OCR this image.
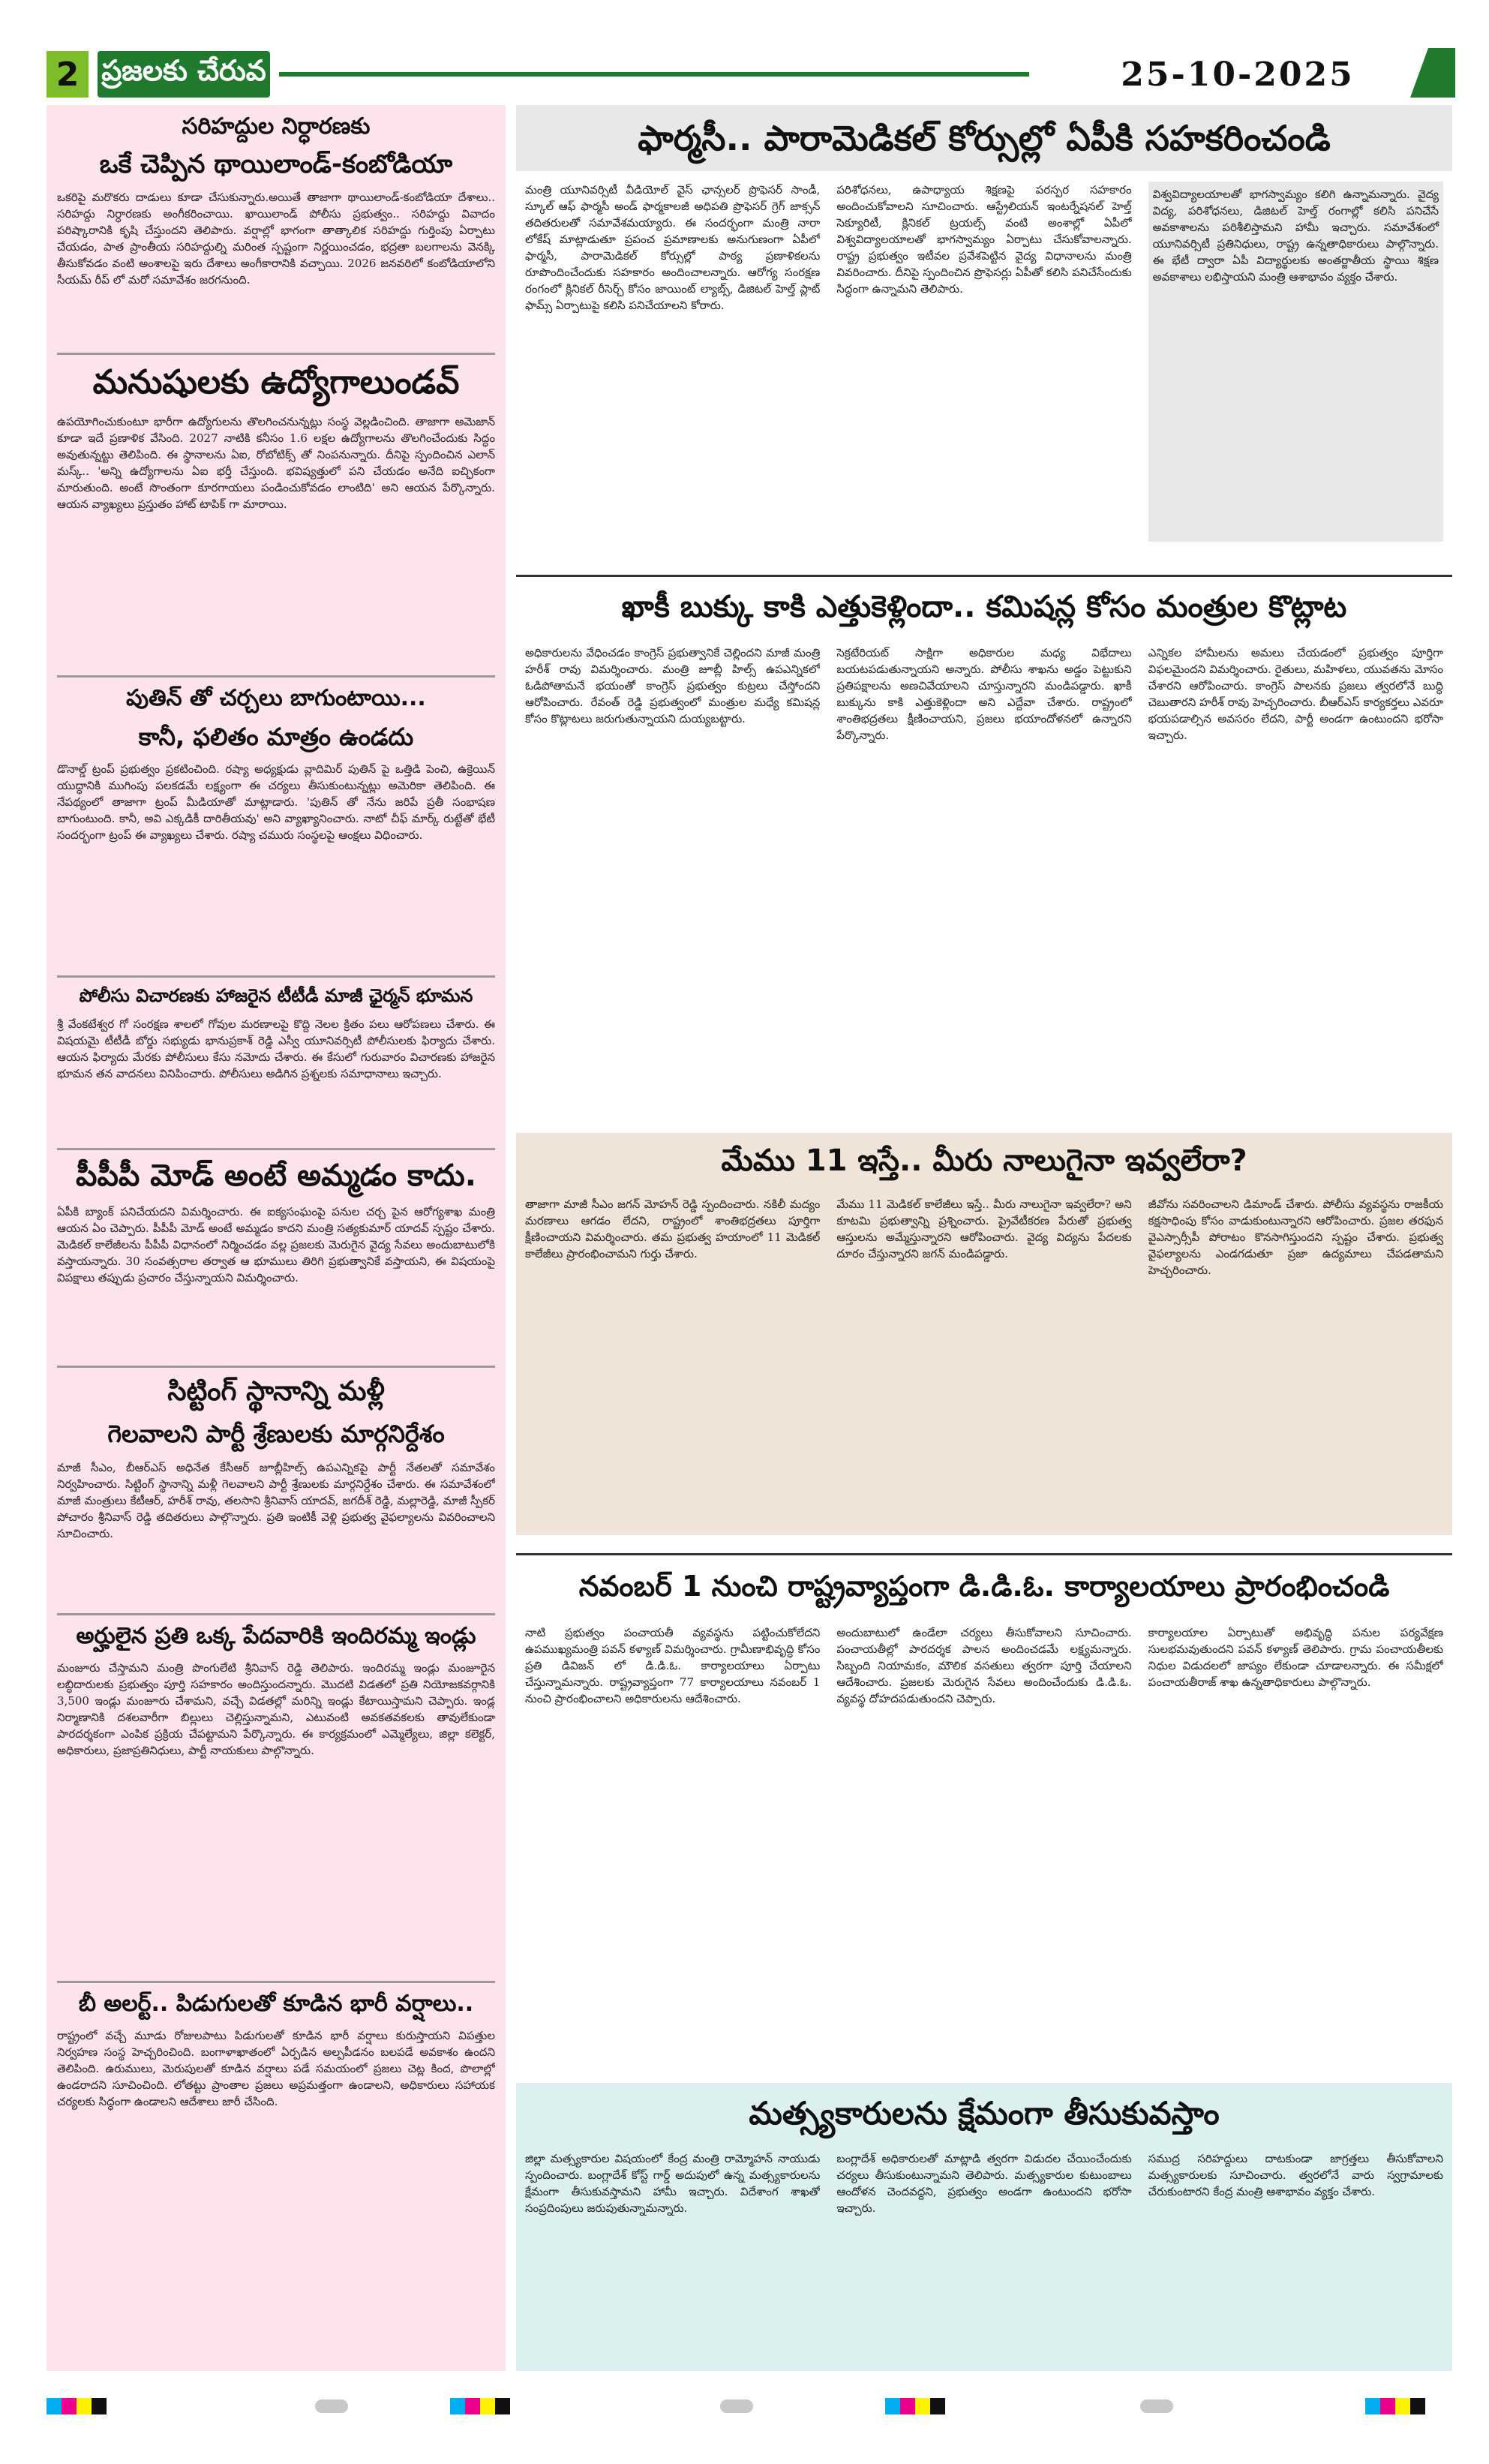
2 ప్రజలకు చేరువ	25-10-2025
సరిహద్దుల నిర్ధారణకు
ఒకే చెప్పిన థాయిలాండ్-కంబోడియా
ఒకరిపై మరొకరు దాడులు కూడా చేసుకున్నారు.అయితే తాజాగా థాయిలాండ్-కంబోడియా దేశాలు.. సరిహద్దు నిర్ధారణకు అంగీకరించాయి. ఖాయిలాండ్ పోలీసు ప్రభుత్వం.. సరిహద్దు వివాదం పరిష్కారానికి కృషి చేస్తుందని తెలిపారు. వర్షాల్లో భాగంగా తాత్కాలిక సరిహద్దు గుర్తింపు ఏర్పాటు చేయడం, పాత ప్రాంతీయ సరిహద్దుల్ని మరింత స్పష్టంగా నిర్ణయించడం, భద్రతా బలగాలను వెనక్కి తీసుకోవడం వంటి అంశాలపై ఇరు దేశాలు అంగీకారానికి వచ్చాయి. 2026 జనవరిలో కంబోడియాలోని సీయమ్ రీప్ లో మరో సమావేశం జరగనుంది.
మనుషులకు ఉద్యోగాలుండవ్
ఉపయోగించుకుంటూ భారీగా ఉద్యోగులను తొలగించనున్నట్లు సంస్థ వెల్లడించింది. తాజాగా అమెజాన్ కూడా ఇదే ప్రణాళిక వేసింది. 2027 నాటికి కనీసం 1.6 లక్షల ఉద్యోగాలను తొలగించేందుకు సిద్ధం అవుతున్నట్టు తెలిపింది. ఈ స్థానాలను ఏఐ, రోబోటిక్స్ తో నింపనున్నారు. దీనిపై స్పందించిన ఎలాన్ మస్క్.. 'అన్ని ఉద్యోగాలను ఏఐ భర్తీ చేస్తుంది. భవిష్యత్తులో పని చేయడం అనేది ఐచ్ఛికంగా మారుతుంది. అంటే సొంతంగా కూరగాయలు పండించుకోవడం లాంటిది' అని ఆయన పేర్కొన్నారు. ఆయన వ్యాఖ్యలు ప్రస్తుతం హాట్ టాపిక్ గా మారాయి.
పుతిన్ తో చర్చలు బాగుంటాయి...
కానీ, ఫలితం మాత్రం ఉండదు
డొనాల్డ్ ట్రంప్ ప్రభుత్వం ప్రకటించింది. రష్యా అధ్యక్షుడు వ్లాదిమిర్ పుతిన్ పై ఒత్తిడి పెంచి, ఉక్రెయిన్ యుద్ధానికి ముగింపు పలకడమే లక్ష్యంగా ఈ చర్యలు తీసుకుంటున్నట్లు అమెరికా తెలిపింది. ఈ నేపథ్యంలో తాజాగా ట్రంప్ మీడియాతో మాట్లాడారు. 'పుతిన్ తో నేను జరిపే ప్రతీ సంభాషణ బాగుంటుంది. కానీ, అవి ఎక్కడికీ దారితీయవు' అని వ్యాఖ్యానించారు. నాటో చీఫ్ మార్క్ రుట్టేతో భేటీ సందర్భంగా ట్రంప్ ఈ వ్యాఖ్యలు చేశారు. రష్యా చమురు సంస్థలపై ఆంక్షలు విధించారు.
పోలీసు విచారణకు హాజరైన టీటీడీ మాజీ ఛైర్మన్ భూమన
శ్రీ వేంకటేశ్వర గో సంరక్షణ శాలలో గోవుల మరణాలపై కొద్ది నెలల క్రితం పలు ఆరోపణలు చేశారు. ఈ విషయమై టీటీడీ బోర్డు సభ్యుడు భానుప్రకాశ్ రెడ్డి ఎస్వీ యూనివర్సిటీ పోలీసులకు ఫిర్యాదు చేశారు. ఆయన ఫిర్యాదు మేరకు పోలీసులు కేసు నమోదు చేశారు. ఈ కేసులో గురువారం విచారణకు హాజరైన భూమన తన వాదనలు వినిపించారు. పోలీసులు అడిగిన ప్రశ్నలకు సమాధానాలు ఇచ్చారు.
పీపీపీ మోడ్ అంటే అమ్మడం కాదు.
ఏపీకి బ్యాంక్ పనిచేయదని విమర్శించారు. ఈ ఐక్యసంఘంపై పనుల చర్చ పైన ఆరోగ్యశాఖ మంత్రి ఆయన ఏం చెప్పారు. పీపీపీ మోడ్ అంటే అమ్మడం కాదని మంత్రి సత్యకుమార్ యాదవ్ స్పష్టం చేశారు. మెడికల్ కాలేజీలను పీపీపీ విధానంలో నిర్మించడం వల్ల ప్రజలకు మెరుగైన వైద్య సేవలు అందుబాటులోకి వస్తాయన్నారు. 30 సంవత్సరాల తర్వాత ఆ భూములు తిరిగి ప్రభుత్వానికే వస్తాయని, ఈ విషయంపై విపక్షాలు తప్పుడు ప్రచారం చేస్తున్నాయని విమర్శించారు.
సిట్టింగ్ స్థానాన్ని మళ్లీ
గెలవాలని పార్టీ శ్రేణులకు మార్గనిర్దేశం
మాజీ సీఎం, బీఆర్ఎస్ అధినేత కేసీఆర్ జూబ్లీహిల్స్ ఉపఎన్నికపై పార్టీ నేతలతో సమావేశం నిర్వహించారు. సిట్టింగ్ స్థానాన్ని మళ్లీ గెలవాలని పార్టీ శ్రేణులకు మార్గనిర్దేశం చేశారు. ఈ సమావేశంలో మాజీ మంత్రులు కేటీఆర్, హరీశ్ రావు, తలసాని శ్రీనివాస్ యాదవ్, జగదీశ్ రెడ్డి, మల్లారెడ్డి, మాజీ స్పీకర్ పోచారం శ్రీనివాస్ రెడ్డి తదితరులు పాల్గొన్నారు. ప్రతి ఇంటికీ వెళ్లి ప్రభుత్వ వైఫల్యాలను వివరించాలని సూచించారు.
అర్హులైన ప్రతి ఒక్క పేదవారికి ఇందిరమ్మ ఇండ్లు
మంజూరు చేస్తామని మంత్రి పొంగులేటి శ్రీనివాస్ రెడ్డి తెలిపారు. ఇందిరమ్మ ఇండ్లు మంజూరైన లబ్ధిదారులకు ప్రభుత్వం పూర్తి సహకారం అందిస్తుందన్నారు. మొదటి విడతలో ప్రతి నియోజకవర్గానికి 3,500 ఇండ్లు మంజూరు చేశామని, వచ్చే విడతల్లో మరిన్ని ఇండ్లు కేటాయిస్తామని చెప్పారు. ఇండ్ల నిర్మాణానికి దశలవారీగా బిల్లులు చెల్లిస్తున్నామని, ఎటువంటి అవకతవకలకు తావులేకుండా పారదర్శకంగా ఎంపిక ప్రక్రియ చేపట్టామని పేర్కొన్నారు. ఈ కార్యక్రమంలో ఎమ్మెల్యేలు, జిల్లా కలెక్టర్, అధికారులు, ప్రజాప్రతినిధులు, పార్టీ నాయకులు పాల్గొన్నారు.
బీ అలర్ట్.. పిడుగులతో కూడిన భారీ వర్షాలు..
రాష్ట్రంలో వచ్చే మూడు రోజులపాటు పిడుగులతో కూడిన భారీ వర్షాలు కురుస్తాయని విపత్తుల నిర్వహణ సంస్థ హెచ్చరించింది. బంగాళాఖాతంలో ఏర్పడిన అల్పపీడనం బలపడే అవకాశం ఉందని తెలిపింది. ఉరుములు, మెరుపులతో కూడిన వర్షాలు పడే సమయంలో ప్రజలు చెట్ల కింద, పొలాల్లో ఉండరాదని సూచించింది. లోతట్టు ప్రాంతాల ప్రజలు అప్రమత్తంగా ఉండాలని, అధికారులు సహాయక చర్యలకు సిద్ధంగా ఉండాలని ఆదేశాలు జారీ చేసింది.
ఫార్మసీ.. పారామెడికల్ కోర్సుల్లో ఏపీకి సహకరించండి
మంత్రి యూనివర్సిటీ వీడియోల్ వైస్ ఛాన్సలర్ ప్రొఫెసర్ సాండీ, స్కూల్ ఆఫ్ ఫార్మసీ అండ్ ఫార్మకాలజీ అధిపతి ప్రొఫెసర్ గ్రెగ్ జాక్సన్ తదితరులతో సమావేశమయ్యారు. ఈ సందర్భంగా మంత్రి నారా లోకేష్ మాట్లాడుతూ ప్రపంచ ప్రమాణాలకు అనుగుణంగా ఏపీలో ఫార్మసీ, పారామెడికల్ కోర్సుల్లో పాఠ్య ప్రణాళికలను రూపొందించేందుకు సహకారం అందించాలన్నారు. ఆరోగ్య సంరక్షణ రంగంలో క్లినికల్ రీసెర్చ్ కోసం జాయింట్ ల్యాబ్స్, డిజిటల్ హెల్త్ ప్లాట్ ఫామ్స్ ఏర్పాటుపై కలిసి పనిచేయాలని కోరారు.
పరిశోధనలు, ఉపాధ్యాయ శిక్షణపై పరస్పర సహకారం అందించుకోవాలని సూచించారు. ఆస్ట్రేలియన్ ఇంటర్నేషనల్ హెల్త్ సెక్యూరిటీ, క్లినికల్ ట్రయల్స్ వంటి అంశాల్లో ఏపీలో విశ్వవిద్యాలయాలతో భాగస్వామ్యం ఏర్పాటు చేసుకోవాలన్నారు. రాష్ట్ర ప్రభుత్వం ఇటీవల ప్రవేశపెట్టిన వైద్య విధానాలను మంత్రి వివరించారు. దీనిపై స్పందించిన ప్రొఫెసర్లు ఏపీతో కలిసి పనిచేసేందుకు సిద్ధంగా ఉన్నామని తెలిపారు.
విశ్వవిద్యాలయాలతో భాగస్వామ్యం కలిగి ఉన్నామన్నారు. వైద్య విద్య, పరిశోధనలు, డిజిటల్ హెల్త్ రంగాల్లో కలిసి పనిచేసే అవకాశాలను పరిశీలిస్తామని హామీ ఇచ్చారు. సమావేశంలో యూనివర్సిటీ ప్రతినిధులు, రాష్ట్ర ఉన్నతాధికారులు పాల్గొన్నారు. ఈ భేటీ ద్వారా ఏపీ విద్యార్థులకు అంతర్జాతీయ స్థాయి శిక్షణ అవకాశాలు లభిస్తాయని మంత్రి ఆశాభావం వ్యక్తం చేశారు.
ఖాకీ బుక్కు కాకి ఎత్తుకెళ్లిందా.. కమిషన్ల కోసం మంత్రుల కొట్లాట
అధికారులను వేధించడం కాంగ్రెస్ ప్రభుత్వానికే చెల్లిందని మాజీ మంత్రి హరీశ్ రావు విమర్శించారు. మంత్రి జూబ్లీ హిల్స్ ఉపఎన్నికలో ఓడిపోతామనే భయంతో కాంగ్రెస్ ప్రభుత్వం కుట్రలు చేస్తోందని ఆరోపించారు. రేవంత్ రెడ్డి ప్రభుత్వంలో మంత్రుల మధ్యే కమిషన్ల కోసం కొట్లాటలు జరుగుతున్నాయని దుయ్యబట్టారు.
సెక్రటేరియట్ సాక్షిగా అధికారుల మధ్య విభేదాలు బయటపడుతున్నాయని అన్నారు. పోలీసు శాఖను అడ్డం పెట్టుకుని ప్రతిపక్షాలను అణచివేయాలని చూస్తున్నారని మండిపడ్డారు. ఖాకీ బుక్కును కాకి ఎత్తుకెళ్లిందా అని ఎద్దేవా చేశారు. రాష్ట్రంలో శాంతిభద్రతలు క్షీణించాయని, ప్రజలు భయాందోళనలో ఉన్నారని పేర్కొన్నారు.
ఎన్నికల హామీలను అమలు చేయడంలో ప్రభుత్వం పూర్తిగా విఫలమైందని విమర్శించారు. రైతులు, మహిళలు, యువతను మోసం చేశారని ఆరోపించారు. కాంగ్రెస్ పాలనకు ప్రజలు త్వరలోనే బుద్ధి చెబుతారని హరీశ్ రావు హెచ్చరించారు. బీఆర్ఎస్ కార్యకర్తలు ఎవరూ భయపడాల్సిన అవసరం లేదని, పార్టీ అండగా ఉంటుందని భరోసా ఇచ్చారు.
మేము 11 ఇస్తే.. మీరు నాలుగైనా ఇవ్వలేరా?
తాజాగా మాజీ సీఎం జగన్ మోహన్ రెడ్డి స్పందించారు. నకిలీ మద్యం మరణాలు ఆగడం లేదని, రాష్ట్రంలో శాంతిభద్రతలు పూర్తిగా క్షీణించాయని విమర్శించారు. తమ ప్రభుత్వ హయాంలో 11 మెడికల్ కాలేజీలు ప్రారంభించామని గుర్తు చేశారు.
మేము 11 మెడికల్ కాలేజీలు ఇస్తే.. మీరు నాలుగైనా ఇవ్వలేరా? అని కూటమి ప్రభుత్వాన్ని ప్రశ్నించారు. ప్రైవేటీకరణ పేరుతో ప్రభుత్వ ఆస్తులను అమ్మేస్తున్నారని ఆరోపించారు. వైద్య విద్యను పేదలకు దూరం చేస్తున్నారని జగన్ మండిపడ్డారు.
జీవోను సవరించాలని డిమాండ్ చేశారు. పోలీసు వ్యవస్థను రాజకీయ కక్షసాధింపు కోసం వాడుకుంటున్నారని ఆరోపించారు. ప్రజల తరఫున వైఎస్సార్సీపీ పోరాటం కొనసాగిస్తుందని స్పష్టం చేశారు. ప్రభుత్వ వైఫల్యాలను ఎండగడుతూ ప్రజా ఉద్యమాలు చేపడతామని హెచ్చరించారు.
నవంబర్ 1 నుంచి రాష్ట్రవ్యాప్తంగా డి.డి.ఓ. కార్యాలయాలు ప్రారంభించండి
నాటి ప్రభుత్వం పంచాయతీ వ్యవస్థను పట్టించుకోలేదని ఉపముఖ్యమంత్రి పవన్ కళ్యాణ్ విమర్శించారు. గ్రామీణాభివృద్ధి కోసం ప్రతి డివిజన్ లో డి.డి.ఓ. కార్యాలయాలు ఏర్పాటు చేస్తున్నామన్నారు. రాష్ట్రవ్యాప్తంగా 77 కార్యాలయాలు నవంబర్ 1 నుంచి ప్రారంభించాలని అధికారులను ఆదేశించారు.
అందుబాటులో ఉండేలా చర్యలు తీసుకోవాలని సూచించారు. పంచాయతీల్లో పారదర్శక పాలన అందించడమే లక్ష్యమన్నారు. సిబ్బంది నియామకం, మౌలిక వసతులు త్వరగా పూర్తి చేయాలని ఆదేశించారు. ప్రజలకు మెరుగైన సేవలు అందించేందుకు డి.డి.ఓ. వ్యవస్థ దోహదపడుతుందని చెప్పారు.
కార్యాలయాల ఏర్పాటుతో అభివృద్ధి పనుల పర్యవేక్షణ సులభమవుతుందని పవన్ కళ్యాణ్ తెలిపారు. గ్రామ పంచాయతీలకు నిధుల విడుదలలో జాప్యం లేకుండా చూడాలన్నారు. ఈ సమీక్షలో పంచాయతీరాజ్ శాఖ ఉన్నతాధికారులు పాల్గొన్నారు.
మత్స్యకారులను క్షేమంగా తీసుకువస్తాం
జిల్లా మత్స్యకారుల విషయంలో కేంద్ర మంత్రి రామ్మోహన్ నాయుడు స్పందించారు. బంగ్లాదేశ్ కోస్ట్ గార్డ్ అదుపులో ఉన్న మత్స్యకారులను క్షేమంగా తీసుకువస్తామని హామీ ఇచ్చారు. విదేశాంగ శాఖతో సంప్రదింపులు జరుపుతున్నామన్నారు.
బంగ్లాదేశ్ అధికారులతో మాట్లాడి త్వరగా విడుదల చేయించేందుకు చర్యలు తీసుకుంటున్నామని తెలిపారు. మత్స్యకారుల కుటుంబాలు ఆందోళన చెందవద్దని, ప్రభుత్వం అండగా ఉంటుందని భరోసా ఇచ్చారు.
సముద్ర సరిహద్దులు దాటకుండా జాగ్రత్తలు తీసుకోవాలని మత్స్యకారులకు సూచించారు. త్వరలోనే వారు స్వగ్రామాలకు చేరుకుంటారని కేంద్ర మంత్రి ఆశాభావం వ్యక్తం చేశారు.
